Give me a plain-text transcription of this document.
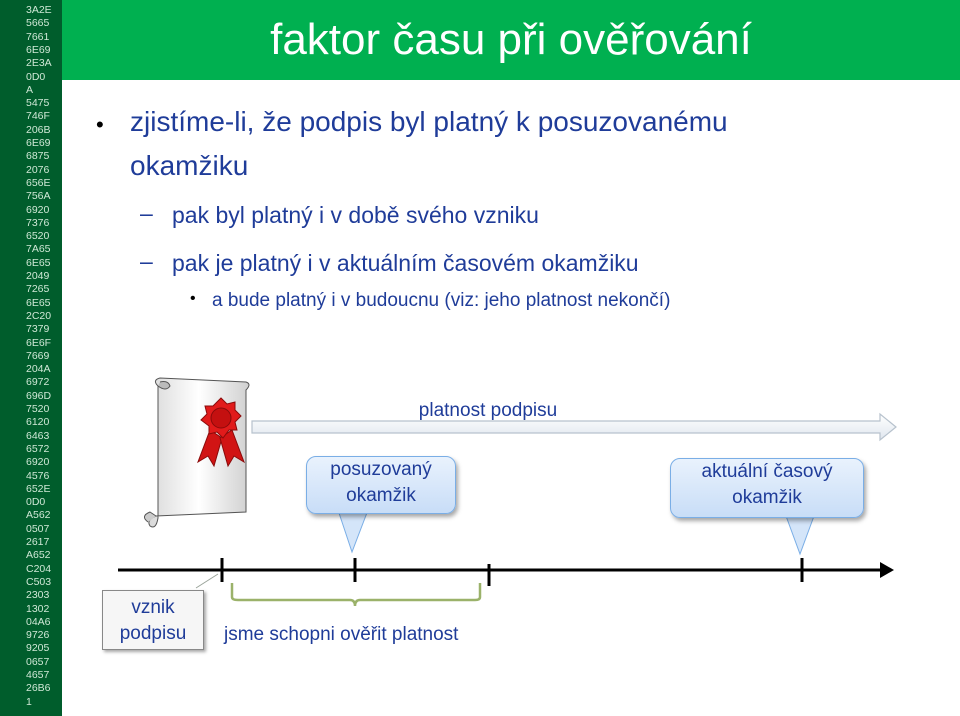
3A2E
5665
7661
6E69
2E3A
0D0
A
5475
746F
206B
6E69
6875
2076
656E
756A
6920
7376
6520
7A65
6E65
2049
7265
6E65
2C20
7379
6E6F
7669
204A
6972
696D
7520
6120
6463
6572
6920
4576
652E
0D0
A562
0507
2617
A652
C204
C503
2303
1302
04A6
9726
9205
0657
4657
26B6
1
faktor času při ověřování
• zjistíme-li, že podpis byl platný k posuzovanému
okamžiku
– pak byl platný i v době svého vzniku
– pak je platný i v aktuálním časovém okamžiku
• a bude platný i v budoucnu (viz: jeho platnost nekončí)
platnost podpisu
posuzovaný
okamžik
aktuální časový
okamžik
vznik
podpisu	jsme schopni ověřit platnost
